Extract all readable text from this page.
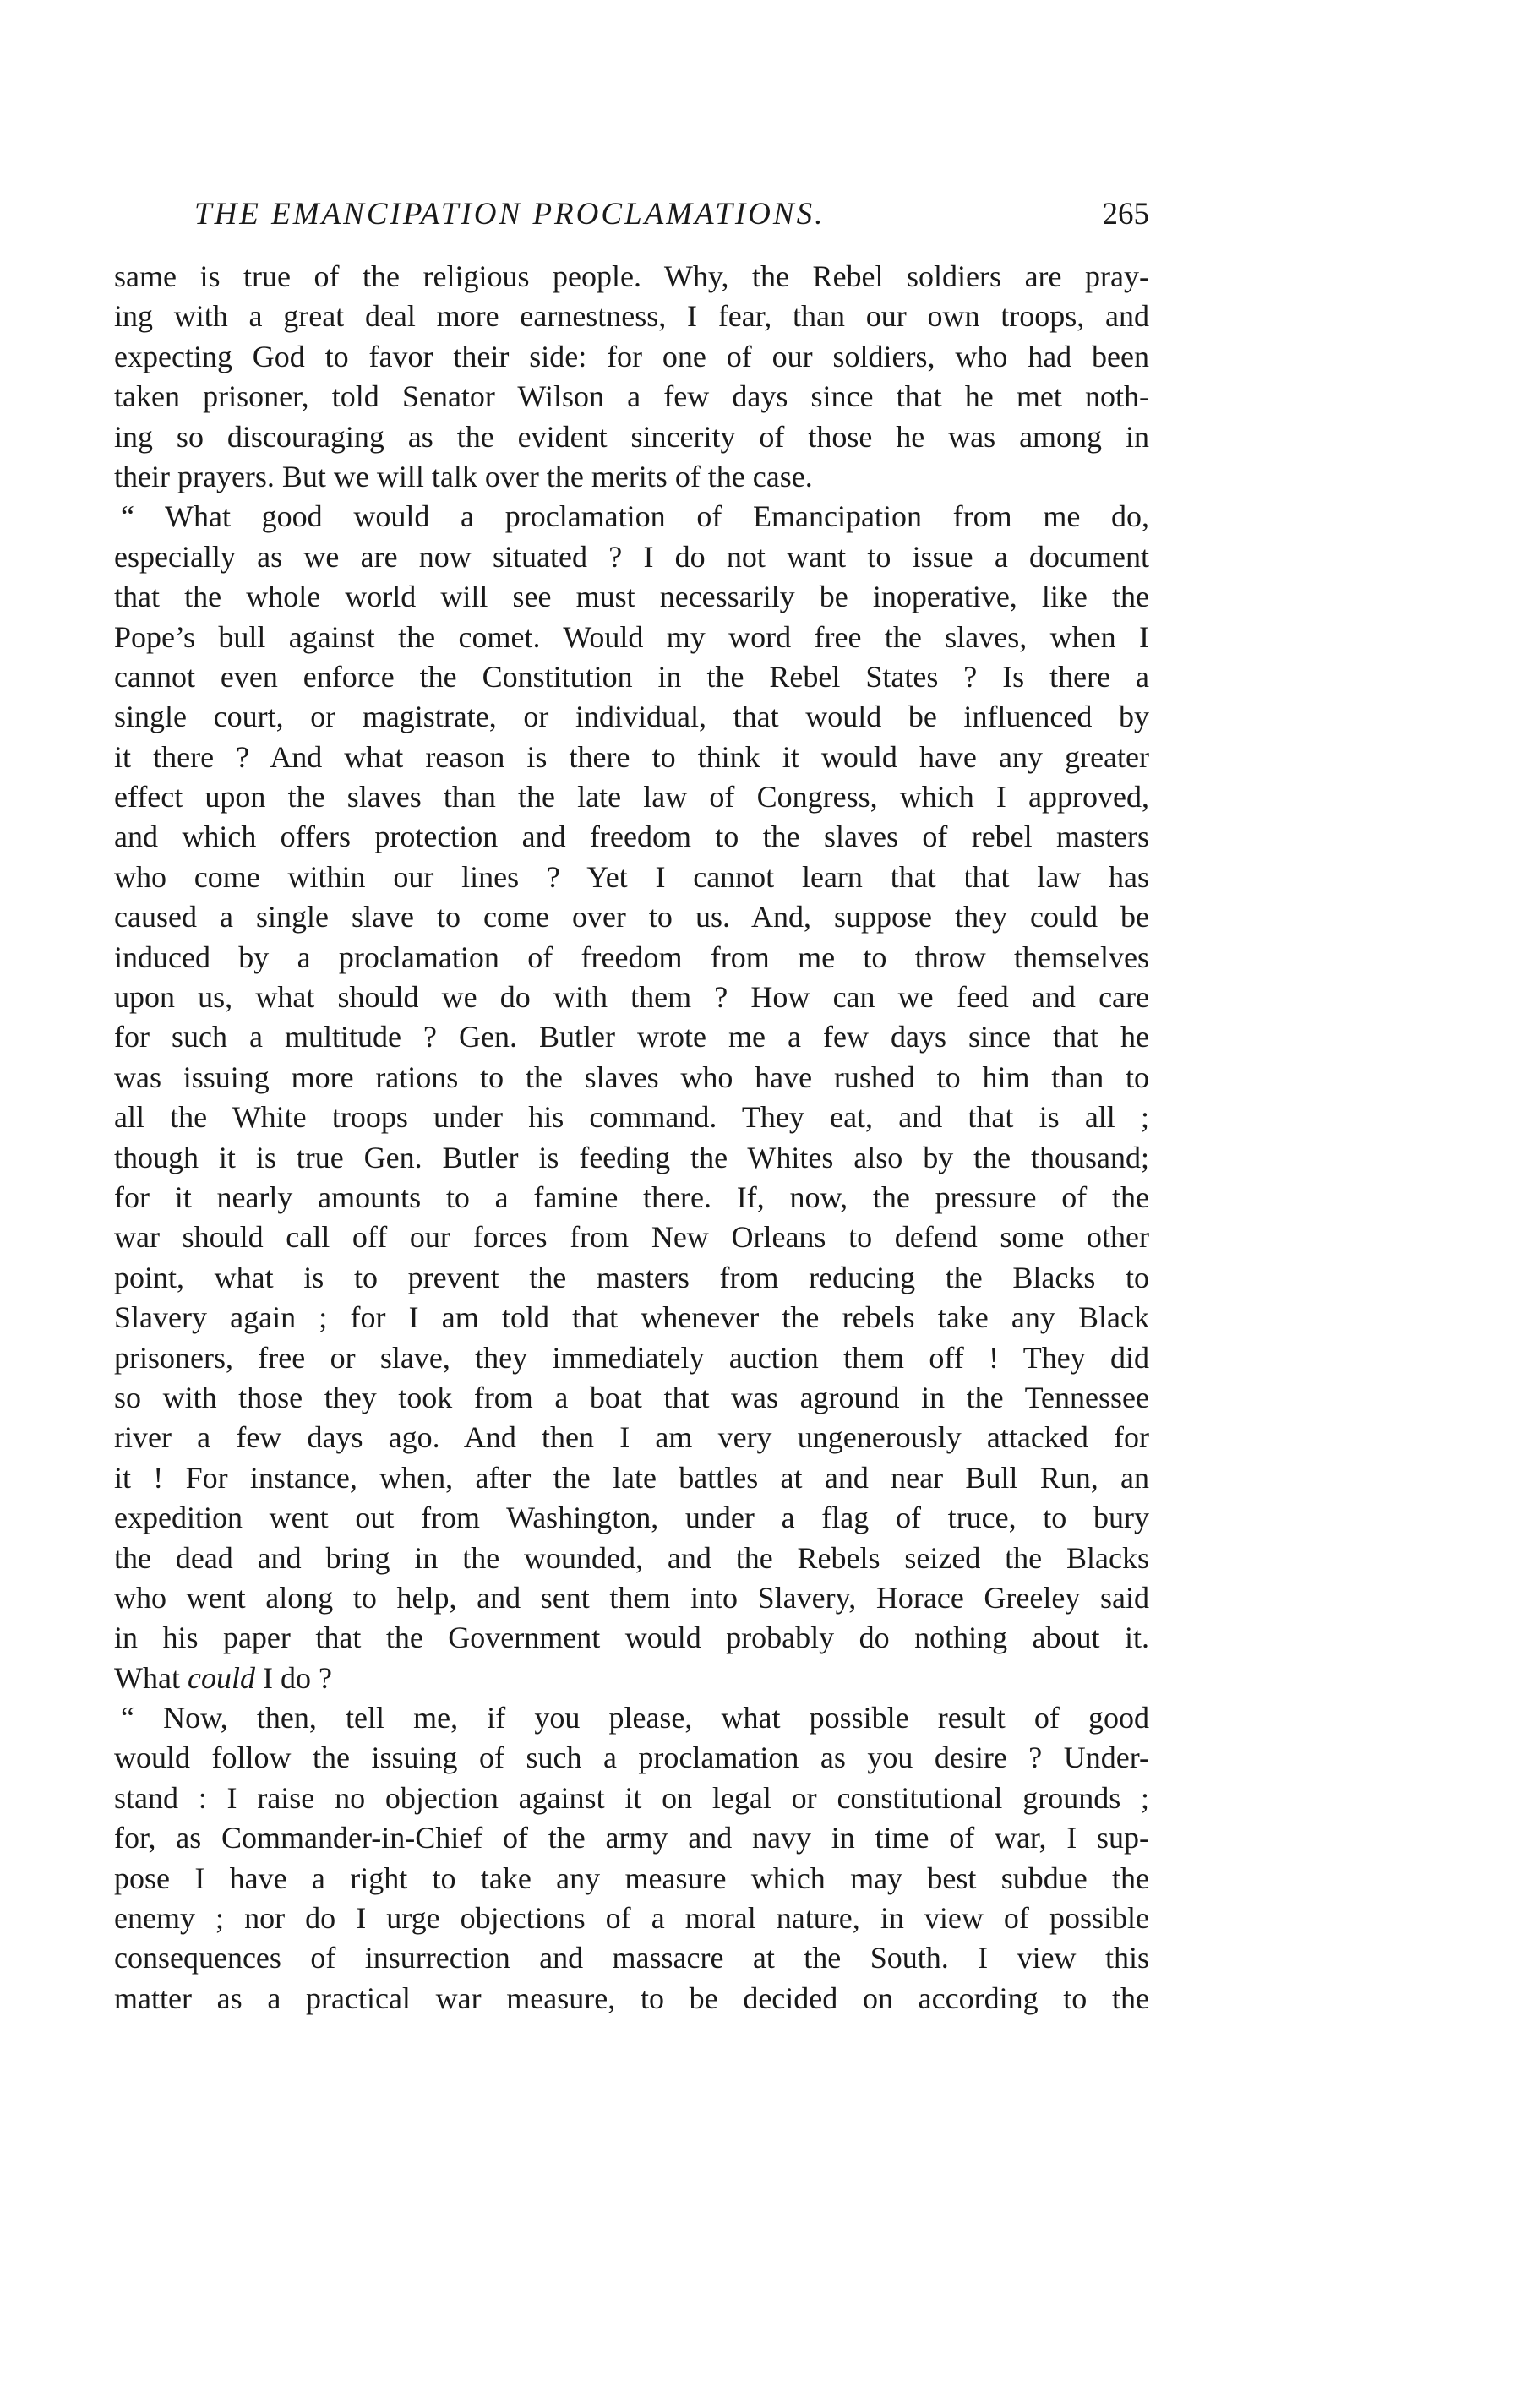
THE EMANCIPATION PROCLAMATIONS.	265
same is true of the religious people. Why, the Rebel soldiers are pray-
ing with a great deal more earnestness, I fear, than our own troops, and
expecting God to favor their side: for one of our soldiers, who had been
taken prisoner, told Senator Wilson a few days since that he met noth-
ing so discouraging as the evident sincerity of those he was among in
their prayers. But we will talk over the merits of the case.
“ What good would a proclamation of Emancipation from me do,
especially as we are now situated ? I do not want to issue a document
that the whole world will see must necessarily be inoperative, like the
Pope’s bull against the comet. Would my word free the slaves, when I
cannot even enforce the Constitution in the Rebel States ? Is there a
single court, or magistrate, or individual, that would be influenced by
it there ? And what reason is there to think it would have any greater
effect upon the slaves than the late law of Congress, which I approved,
and which offers protection and freedom to the slaves of rebel masters
who come within our lines ? Yet I cannot learn that that law has
caused a single slave to come over to us. And, suppose they could be
induced by a proclamation of freedom from me to throw themselves
upon us, what should we do with them ? How can we feed and care
for such a multitude ? Gen. Butler wrote me a few days since that he
was issuing more rations to the slaves who have rushed to him than to
all the White troops under his command. They eat, and that is all ;
though it is true Gen. Butler is feeding the Whites also by the thousand;
for it nearly amounts to a famine there. If, now, the pressure of the
war should call off our forces from New Orleans to defend some other
point, what is to prevent the masters from reducing the Blacks to
Slavery again ; for I am told that whenever the rebels take any Black
prisoners, free or slave, they immediately auction them off ! They did
so with those they took from a boat that was aground in the Tennessee
river a few days ago. And then I am very ungenerously attacked for
it ! For instance, when, after the late battles at and near Bull Run, an
expedition went out from Washington, under a flag of truce, to bury
the dead and bring in the wounded, and the Rebels seized the Blacks
who went along to help, and sent them into Slavery, Horace Greeley said
in his paper that the Government would probably do nothing about it.
What could I do ?
“ Now, then, tell me, if you please, what possible result of good
would follow the issuing of such a proclamation as you desire ? Under-
stand : I raise no objection against it on legal or constitutional grounds ;
for, as Commander-in-Chief of the army and navy in time of war, I sup-
pose I have a right to take any measure which may best subdue the
enemy ; nor do I urge objections of a moral nature, in view of possible
consequences of insurrection and massacre at the South. I view this
matter as a practical war measure, to be decided on according to the
